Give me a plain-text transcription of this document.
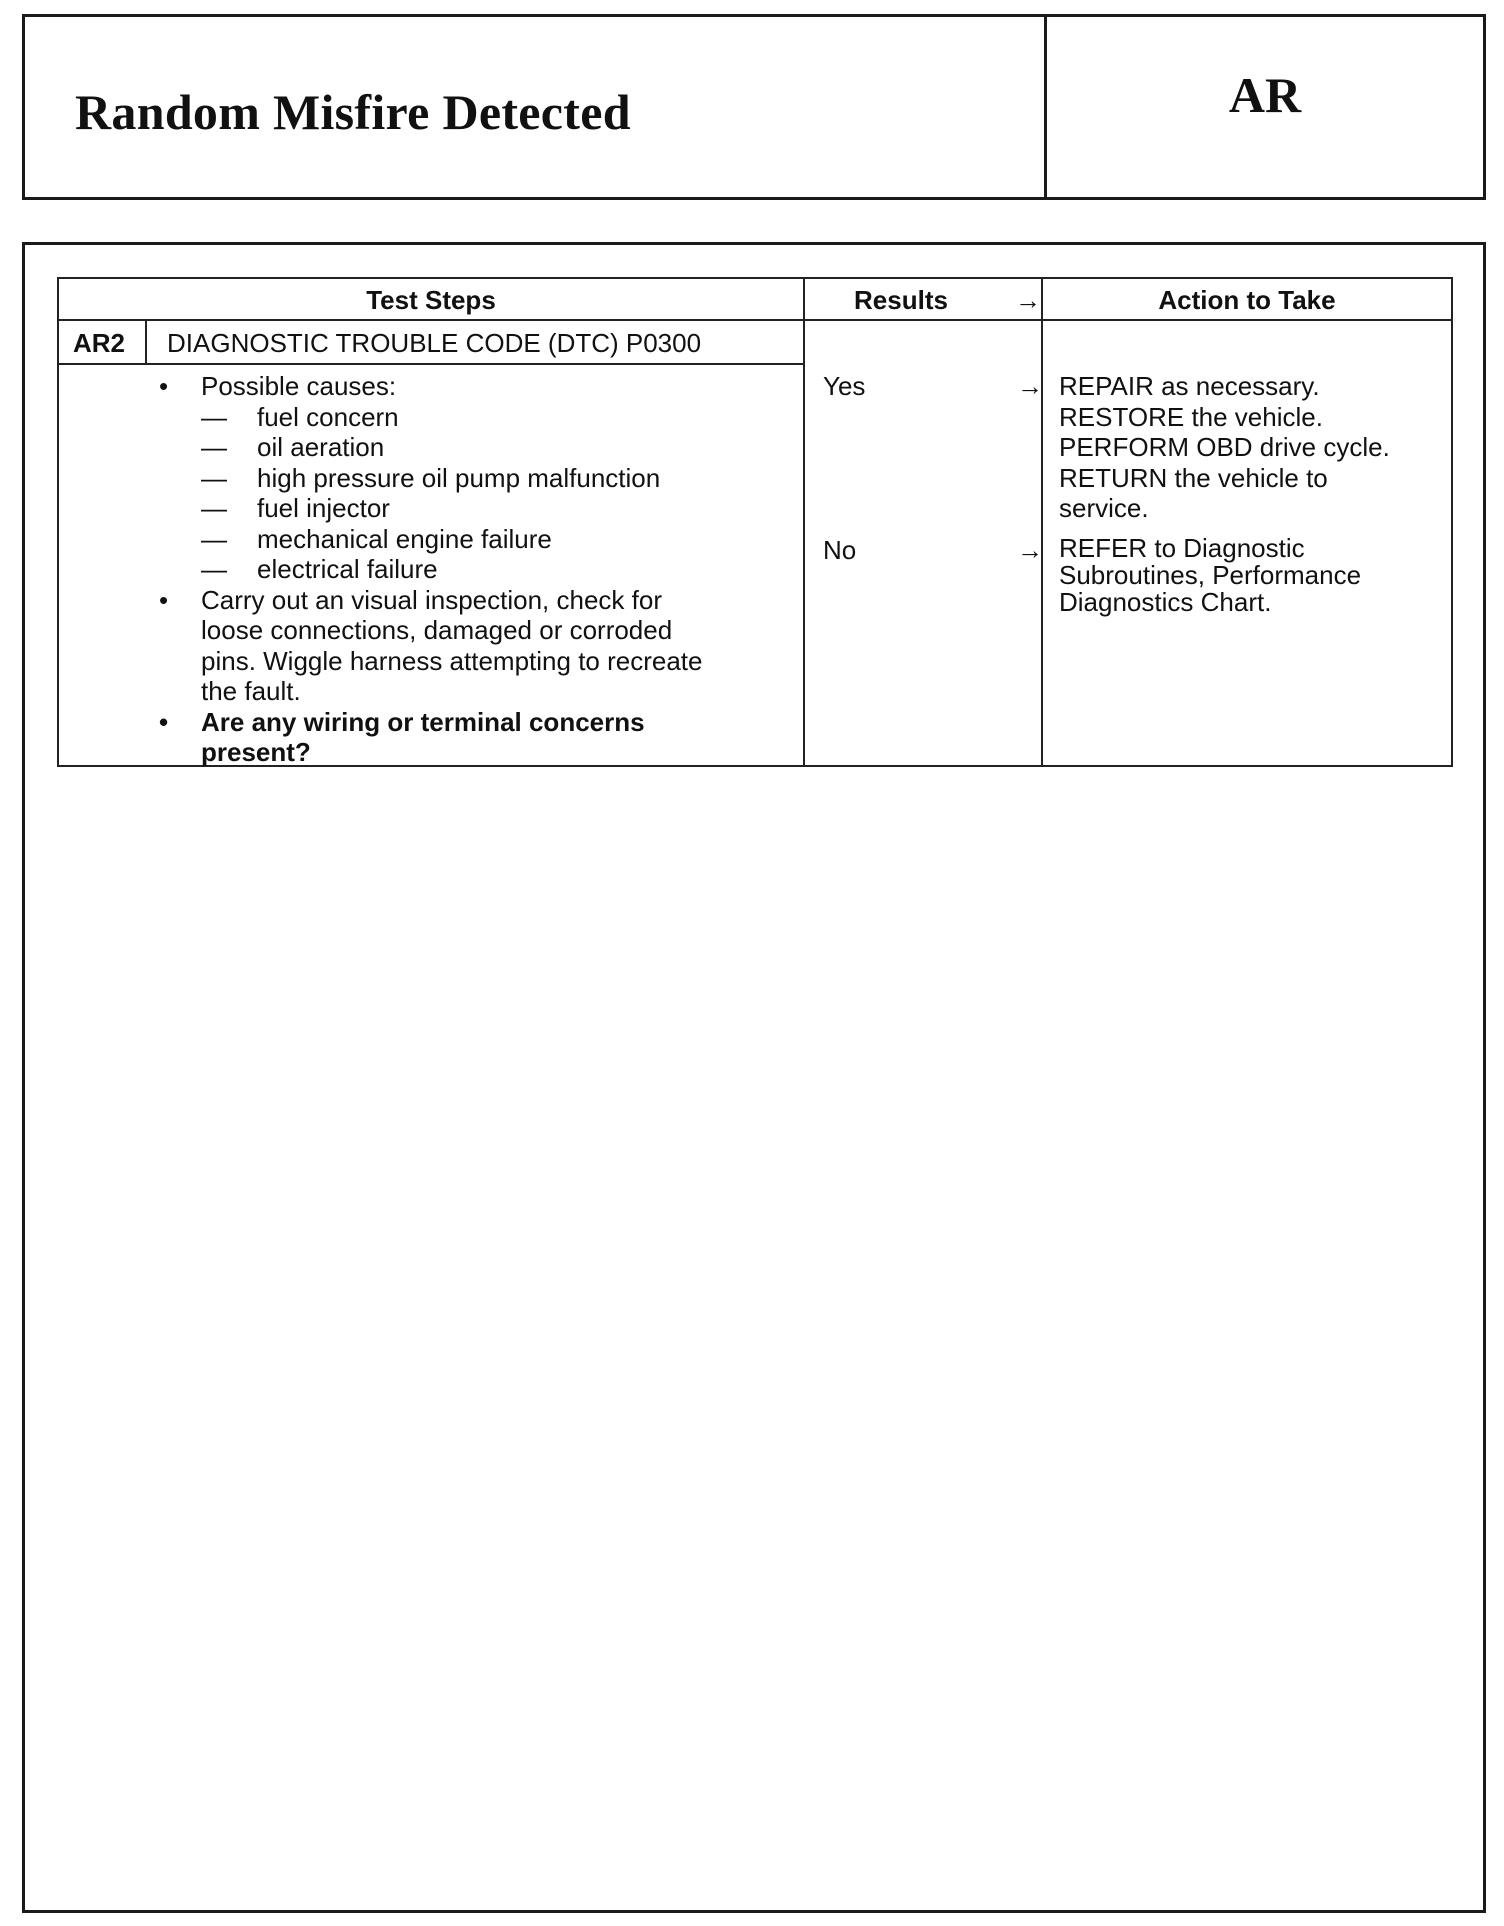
Random Misfire Detected	AR
Test Steps	Results	→	Action to Take
AR2 DIAGNOSTIC TROUBLE CODE (DTC) P0300
• Possible causes:
— fuel concern
— oil aeration
— high pressure oil pump malfunction
— fuel injector
— mechanical engine failure
— electrical failure
• Carry out an visual inspection, check for
loose connections, damaged or corroded
pins. Wiggle harness attempting to recreate
the fault.
• Are any wiring or terminal concerns
present?
Yes	→ REPAIR as necessary.
RESTORE the vehicle.
PERFORM OBD drive cycle.
RETURN the vehicle to
service.
No	→ REFER to Diagnostic
Subroutines, Performance
Diagnostics Chart.
